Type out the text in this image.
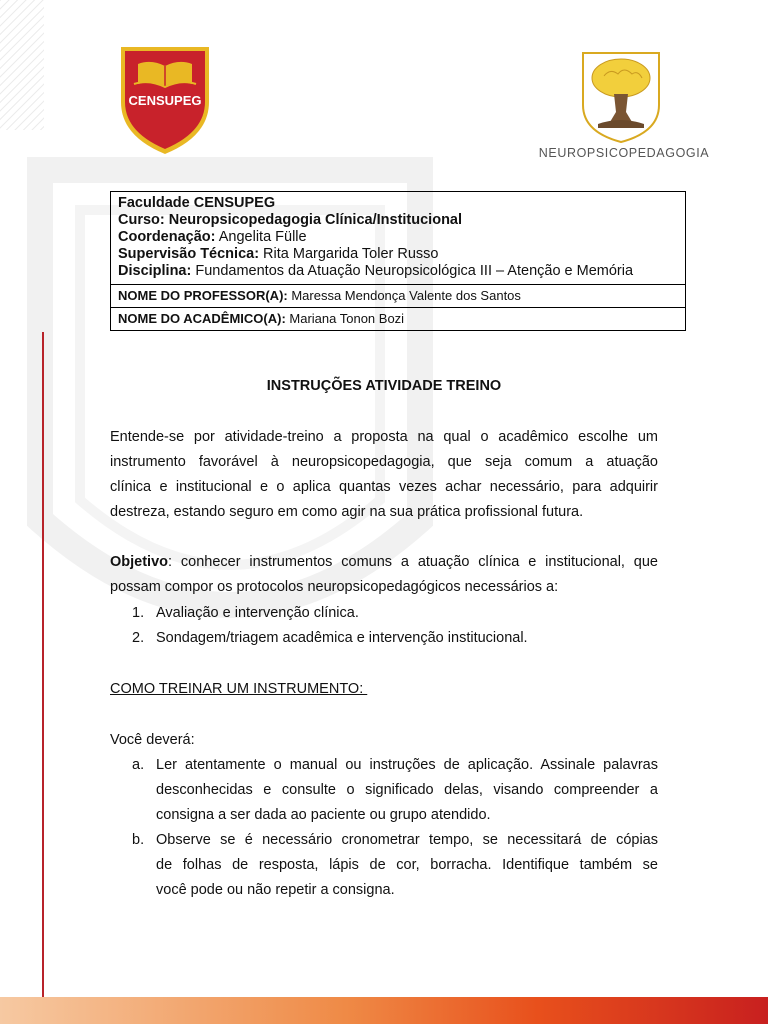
CENSUPEG
NEUROPSICOPEDAGOGIA
Faculdade CENSUPEG
Curso: Neuropsicopedagogia Clínica/Institucional
Coordenação: Angelita Fülle
Supervisão Técnica: Rita Margarida Toler Russo
Disciplina: Fundamentos da Atuação Neuropsicológica III – Atenção e Memória

NOME DO PROFESSOR(A): Maressa Mendonça Valente dos Santos
NOME DO ACADÊMICO(A): Mariana Tonon Bozi
INSTRUÇÕES ATIVIDADE TREINO
Entende-se por atividade-treino a proposta na qual o acadêmico escolhe um
instrumento favorável à neuropsicopedagogia, que seja comum a atuação
clínica e institucional e o aplica quantas vezes achar necessário, para adquirir
destreza, estando seguro em como agir na sua prática profissional futura.
Objetivo: conhecer instrumentos comuns a atuação clínica e institucional, que
possam compor os protocolos neuropsicopedagógicos necessários a:
1. Avaliação e intervenção clínica.
2. Sondagem/triagem acadêmica e intervenção institucional.
COMO TREINAR UM INSTRUMENTO:
Você deverá:
a. Ler atentamente o manual ou instruções de aplicação. Assinale palavras
desconhecidas e consulte o significado delas, visando compreender a
consigna a ser dada ao paciente ou grupo atendido.
b. Observe se é necessário cronometrar tempo, se necessitará de cópias
de folhas de resposta, lápis de cor, borracha. Identifique também se
você pode ou não repetir a consigna.
